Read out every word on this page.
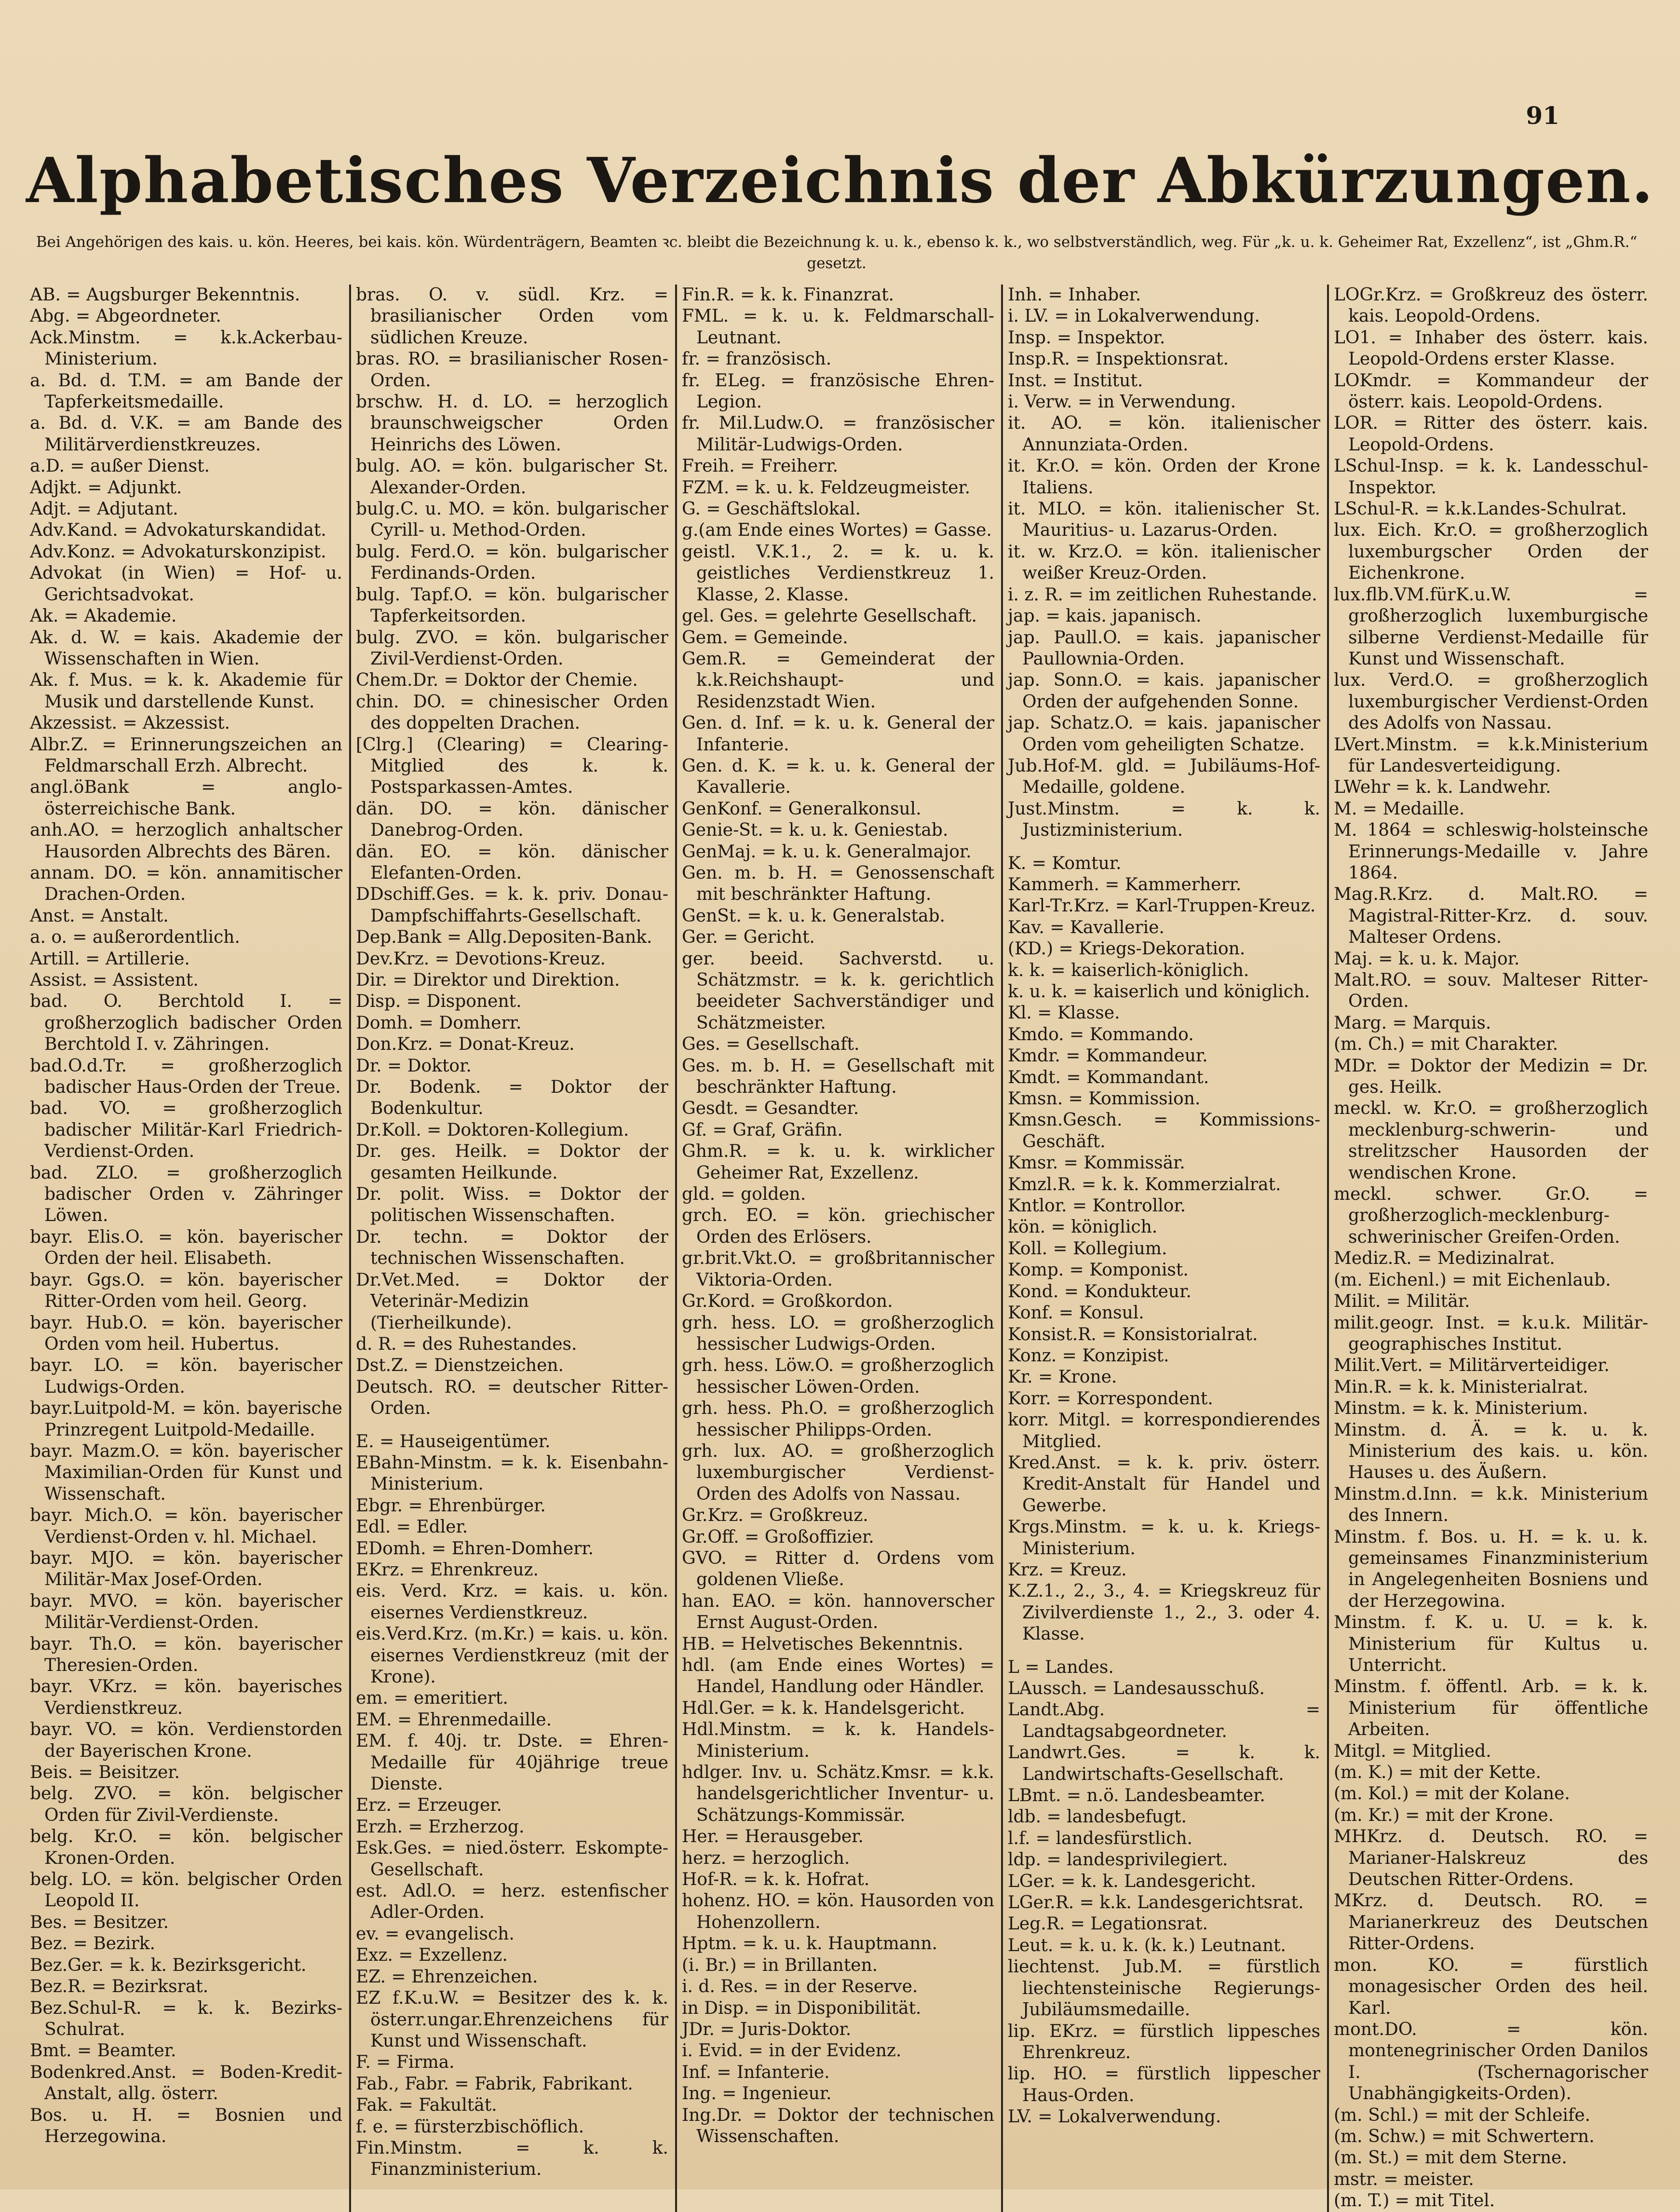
91
Alphabetisches Verzeichnis der Abkürzungen.
Bei Angehörigen des kais. u. kön. Heeres, bei kais. kön. Würdenträgern, Beamten ꝛc. bleibt die Bezeichnung k. u. k., ebenso k. k., wo selbstverständlich, weg. Für „k. u. k. Geheimer Rat, Exzellenz“, ist „Ghm.R.“ gesetzt.
AB. = Augsburger Bekenntnis.
Abg. = Abgeordneter.
Ack.Minstm. = k.k.Ackerbau-Ministerium.
a. Bd. d. T.M. = am Bande der Tapferkeitsmedaille.
a. Bd. d. V.K. = am Bande des Militärverdienstkreuzes.
a.D. = außer Dienst.
Adjkt. = Adjunkt.
Adjt. = Adjutant.
Adv.Kand. = Advokaturskandidat.
Adv.Konz. = Advokaturskonzipist.
Advokat (in Wien) = Hof- u. Gerichtsadvokat.
Ak. = Akademie.
Ak. d. W. = kais. Akademie der Wissenschaften in Wien.
Ak. f. Mus. = k. k. Akademie für Musik und darstellende Kunst.
Akzessist. = Akzessist.
Albr.Z. = Erinnerungszeichen an Feldmarschall Erzh. Albrecht.
angl.öBank = anglo-österreichische Bank.
anh.AO. = herzoglich anhaltscher Hausorden Albrechts des Bären.
annam. DO. = kön. annamitischer Drachen-Orden.
Anst. = Anstalt.
a. o. = außerordentlich.
Artill. = Artillerie.
Assist. = Assistent.
bad. O. Berchtold I. = großherzoglich badischer Orden Berchtold I. v. Zähringen.
bad.O.d.Tr. = großherzoglich badischer Haus-Orden der Treue.
bad. VO. = großherzoglich badischer Militär-Karl Friedrich-Verdienst-Orden.
bad. ZLO. = großherzoglich badischer Orden v. Zähringer Löwen.
bayr. Elis.O. = kön. bayerischer Orden der heil. Elisabeth.
bayr. Ggs.O. = kön. bayerischer Ritter-Orden vom heil. Georg.
bayr. Hub.O. = kön. bayerischer Orden vom heil. Hubertus.
bayr. LO. = kön. bayerischer Ludwigs-Orden.
bayr.Luitpold-M. = kön. bayerische Prinzregent Luitpold-Medaille.
bayr. Mazm.O. = kön. bayerischer Maximilian-Orden für Kunst und Wissenschaft.
bayr. Mich.O. = kön. bayerischer Verdienst-Orden v. hl. Michael.
bayr. MJO. = kön. bayerischer Militär-Max Josef-Orden.
bayr. MVO. = kön. bayerischer Militär-Verdienst-Orden.
bayr. Th.O. = kön. bayerischer Theresien-Orden.
bayr. VKrz. = kön. bayerisches Verdienstkreuz.
bayr. VO. = kön. Verdienstorden der Bayerischen Krone.
Beis. = Beisitzer.
belg. ZVO. = kön. belgischer Orden für Zivil-Verdienste.
belg. Kr.O. = kön. belgischer Kronen-Orden.
belg. LO. = kön. belgischer Orden Leopold II.
Bes. = Besitzer.
Bez. = Bezirk.
Bez.Ger. = k. k. Bezirksgericht.
Bez.R. = Bezirksrat.
Bez.Schul-R. = k. k. Bezirks-Schulrat.
Bmt. = Beamter.
Bodenkred.Anst. = Boden-Kredit-Anstalt, allg. österr.
Bos. u. H. = Bosnien und Herzegowina.
bras. O. v. südl. Krz. = brasilianischer Orden vom südlichen Kreuze.
bras. RO. = brasilianischer Rosen-Orden.
brschw. H. d. LO. = herzoglich braunschweigscher Orden Heinrichs des Löwen.
bulg. AO. = kön. bulgarischer St. Alexander-Orden.
bulg.C. u. MO. = kön. bulgarischer Cyrill- u. Method-Orden.
bulg. Ferd.O. = kön. bulgarischer Ferdinands-Orden.
bulg. Tapf.O. = kön. bulgarischer Tapferkeitsorden.
bulg. ZVO. = kön. bulgarischer Zivil-Verdienst-Orden.
Chem.Dr. = Doktor der Chemie.
chin. DO. = chinesischer Orden des doppelten Drachen.
[Clrg.] (Clearing) = Clearing-Mitglied des k. k. Postsparkassen-Amtes.
dän. DO. = kön. dänischer Danebrog-Orden.
dän. EO. = kön. dänischer Elefanten-Orden.
DDschiff.Ges. = k. k. priv. Donau-Dampfschiffahrts-Gesellschaft.
Dep.Bank = Allg.Depositen-Bank.
Dev.Krz. = Devotions-Kreuz.
Dir. = Direktor und Direktion.
Disp. = Disponent.
Domh. = Domherr.
Don.Krz. = Donat-Kreuz.
Dr. = Doktor.
Dr. Bodenk. = Doktor der Bodenkultur.
Dr.Koll. = Doktoren-Kollegium.
Dr. ges. Heilk. = Doktor der gesamten Heilkunde.
Dr. polit. Wiss. = Doktor der politischen Wissenschaften.
Dr. techn. = Doktor der technischen Wissenschaften.
Dr.Vet.Med. = Doktor der Veterinär-Medizin (Tierheilkunde).
d. R. = des Ruhestandes.
Dst.Z. = Dienstzeichen.
Deutsch. RO. = deutscher Ritter-Orden.
E. = Hauseigentümer.
EBahn-Minstm. = k. k. Eisenbahn-Ministerium.
Ebgr. = Ehrenbürger.
Edl. = Edler.
EDomh. = Ehren-Domherr.
EKrz. = Ehrenkreuz.
eis. Verd. Krz. = kais. u. kön. eisernes Verdienstkreuz.
eis.Verd.Krz. (m.Kr.) = kais. u. kön. eisernes Verdienstkreuz (mit der Krone).
em. = emeritiert.
EM. = Ehrenmedaille.
EM. f. 40j. tr. Dste. = Ehren-Medaille für 40jährige treue Dienste.
Erz. = Erzeuger.
Erzh. = Erzherzog.
Esk.Ges. = nied.österr. Eskompte-Gesellschaft.
est. Adl.O. = herz. estenfischer Adler-Orden.
ev. = evangelisch.
Exz. = Exzellenz.
EZ. = Ehrenzeichen.
EZ f.K.u.W. = Besitzer des k. k. österr.ungar.Ehrenzeichens für Kunst und Wissenschaft.
F. = Firma.
Fab., Fabr. = Fabrik, Fabrikant.
Fak. = Fakultät.
f. e. = fürsterzbischöflich.
Fin.Minstm. = k. k. Finanzministerium.
Fin.R. = k. k. Finanzrat.
FML. = k. u. k. Feldmarschall-Leutnant.
fr. = französisch.
fr. ELeg. = französische Ehren-Legion.
fr. Mil.Ludw.O. = französischer Militär-Ludwigs-Orden.
Freih. = Freiherr.
FZM. = k. u. k. Feldzeugmeister.
G. = Geschäftslokal.
g.(am Ende eines Wortes) = Gasse.
geistl. V.K.1., 2. = k. u. k. geistliches Verdienstkreuz 1. Klasse, 2. Klasse.
gel. Ges. = gelehrte Gesellschaft.
Gem. = Gemeinde.
Gem.R. = Gemeinderat der k.k.Reichshaupt- und Residenzstadt Wien.
Gen. d. Inf. = k. u. k. General der Infanterie.
Gen. d. K. = k. u. k. General der Kavallerie.
GenKonf. = Generalkonsul.
Genie-St. = k. u. k. Geniestab.
GenMaj. = k. u. k. Generalmajor.
Gen. m. b. H. = Genossenschaft mit beschränkter Haftung.
GenSt. = k. u. k. Generalstab.
Ger. = Gericht.
ger. beeid. Sachverstd. u. Schätzmstr. = k. k. gerichtlich beeideter Sachverständiger und Schätzmeister.
Ges. = Gesellschaft.
Ges. m. b. H. = Gesellschaft mit beschränkter Haftung.
Gesdt. = Gesandter.
Gf. = Graf, Gräfin.
Ghm.R. = k. u. k. wirklicher Geheimer Rat, Exzellenz.
gld. = golden.
grch. EO. = kön. griechischer Orden des Erlösers.
gr.brit.Vkt.O. = großbritannischer Viktoria-Orden.
Gr.Kord. = Großkordon.
grh. hess. LO. = großherzoglich hessischer Ludwigs-Orden.
grh. hess. Löw.O. = großherzoglich hessischer Löwen-Orden.
grh. hess. Ph.O. = großherzoglich hessischer Philipps-Orden.
grh. lux. AO. = großherzoglich luxemburgischer Verdienst-Orden des Adolfs von Nassau.
Gr.Krz. = Großkreuz.
Gr.Off. = Großoffizier.
GVO. = Ritter d. Ordens vom goldenen Vließe.
han. EAO. = kön. hannoverscher Ernst August-Orden.
HB. = Helvetisches Bekenntnis.
hdl. (am Ende eines Wortes) = Handel, Handlung oder Händler.
Hdl.Ger. = k. k. Handelsgericht.
Hdl.Minstm. = k. k. Handels-Ministerium.
hdlger. Inv. u. Schätz.Kmsr. = k.k. handelsgerichtlicher Inventur- u. Schätzungs-Kommissär.
Her. = Herausgeber.
herz. = herzoglich.
Hof-R. = k. k. Hofrat.
hohenz. HO. = kön. Hausorden von Hohenzollern.
Hptm. = k. u. k. Hauptmann.
(i. Br.) = in Brillanten.
i. d. Res. = in der Reserve.
in Disp. = in Disponibilität.
JDr. = Juris-Doktor.
i. Evid. = in der Evidenz.
Inf. = Infanterie.
Ing. = Ingenieur.
Ing.Dr. = Doktor der technischen Wissenschaften.
Inh. = Inhaber.
i. LV. = in Lokalverwendung.
Insp. = Inspektor.
Insp.R. = Inspektionsrat.
Inst. = Institut.
i. Verw. = in Verwendung.
it. AO. = kön. italienischer Annunziata-Orden.
it. Kr.O. = kön. Orden der Krone Italiens.
it. MLO. = kön. italienischer St. Mauritius- u. Lazarus-Orden.
it. w. Krz.O. = kön. italienischer weißer Kreuz-Orden.
i. z. R. = im zeitlichen Ruhestande.
jap. = kais. japanisch.
jap. Paull.O. = kais. japanischer Paullownia-Orden.
jap. Sonn.O. = kais. japanischer Orden der aufgehenden Sonne.
jap. Schatz.O. = kais. japanischer Orden vom geheiligten Schatze.
Jub.Hof-M. gld. = Jubiläums-Hof-Medaille, goldene.
Just.Minstm. = k. k. Justizministerium.
K. = Komtur.
Kammerh. = Kammerherr.
Karl-Tr.Krz. = Karl-Truppen-Kreuz.
Kav. = Kavallerie.
(KD.) = Kriegs-Dekoration.
k. k. = kaiserlich-königlich.
k. u. k. = kaiserlich und königlich.
Kl. = Klasse.
Kmdo. = Kommando.
Kmdr. = Kommandeur.
Kmdt. = Kommandant.
Kmsn. = Kommission.
Kmsn.Gesch. = Kommissions-Geschäft.
Kmsr. = Kommissär.
Kmzl.R. = k. k. Kommerzialrat.
Kntlor. = Kontrollor.
kön. = königlich.
Koll. = Kollegium.
Komp. = Komponist.
Kond. = Kondukteur.
Konf. = Konsul.
Konsist.R. = Konsistorialrat.
Konz. = Konzipist.
Kr. = Krone.
Korr. = Korrespondent.
korr. Mitgl. = korrespondierendes Mitglied.
Kred.Anst. = k. k. priv. österr. Kredit-Anstalt für Handel und Gewerbe.
Krgs.Minstm. = k. u. k. Kriegs-Ministerium.
Krz. = Kreuz.
K.Z.1., 2., 3., 4. = Kriegskreuz für Zivilverdienste 1., 2., 3. oder 4. Klasse.
L = Landes.
LAussch. = Landesausschuß.
Landt.Abg. = Landtagsabgeordneter.
Landwrt.Ges. = k. k. Landwirtschafts-Gesellschaft.
LBmt. = n.ö. Landesbeamter.
ldb. = landesbefugt.
l.f. = landesfürstlich.
ldp. = landesprivilegiert.
LGer. = k. k. Landesgericht.
LGer.R. = k.k. Landesgerichtsrat.
Leg.R. = Legationsrat.
Leut. = k. u. k. (k. k.) Leutnant.
liechtenst. Jub.M. = fürstlich liechtensteinische Regierungs-Jubiläumsmedaille.
lip. EKrz. = fürstlich lippesches Ehrenkreuz.
lip. HO. = fürstlich lippescher Haus-Orden.
LV. = Lokalverwendung.
LOGr.Krz. = Großkreuz des österr. kais. Leopold-Ordens.
LO1. = Inhaber des österr. kais. Leopold-Ordens erster Klasse.
LOKmdr. = Kommandeur der österr. kais. Leopold-Ordens.
LOR. = Ritter des österr. kais. Leopold-Ordens.
LSchul-Insp. = k. k. Landesschul-Inspektor.
LSchul-R. = k.k.Landes-Schulrat.
lux. Eich. Kr.O. = großherzoglich luxemburgscher Orden der Eichenkrone.
lux.flb.VM.fürK.u.W. = großherzoglich luxemburgische silberne Verdienst-Medaille für Kunst und Wissenschaft.
lux. Verd.O. = großherzoglich luxemburgischer Verdienst-Orden des Adolfs von Nassau.
LVert.Minstm. = k.k.Ministerium für Landesverteidigung.
LWehr = k. k. Landwehr.
M. = Medaille.
M. 1864 = schleswig-holsteinsche Erinnerungs-Medaille v. Jahre 1864.
Mag.R.Krz. d. Malt.RO. = Magistral-Ritter-Krz. d. souv. Malteser Ordens.
Maj. = k. u. k. Major.
Malt.RO. = souv. Malteser Ritter-Orden.
Marg. = Marquis.
(m. Ch.) = mit Charakter.
MDr. = Doktor der Medizin = Dr. ges. Heilk.
meckl. w. Kr.O. = großherzoglich mecklenburg-schwerin- und strelitzscher Hausorden der wendischen Krone.
meckl. schwer. Gr.O. = großherzoglich-mecklenburg-schwerinischer Greifen-Orden.
Mediz.R. = Medizinalrat.
(m. Eichenl.) = mit Eichenlaub.
Milit. = Militär.
milit.geogr. Inst. = k.u.k. Militär-geographisches Institut.
Milit.Vert. = Militärverteidiger.
Min.R. = k. k. Ministerialrat.
Minstm. = k. k. Ministerium.
Minstm. d. Ä. = k. u. k. Ministerium des kais. u. kön. Hauses u. des Äußern.
Minstm.d.Inn. = k.k. Ministerium des Innern.
Minstm. f. Bos. u. H. = k. u. k. gemeinsames Finanzministerium in Angelegenheiten Bosniens und der Herzegowina.
Minstm. f. K. u. U. = k. k. Ministerium für Kultus u. Unterricht.
Minstm. f. öffentl. Arb. = k. k. Ministerium für öffentliche Arbeiten.
Mitgl. = Mitglied.
(m. K.) = mit der Kette.
(m. Kol.) = mit der Kolane.
(m. Kr.) = mit der Krone.
MHKrz. d. Deutsch. RO. = Marianer-Halskreuz des Deutschen Ritter-Ordens.
MKrz. d. Deutsch. RO. = Marianerkreuz des Deutschen Ritter-Ordens.
mon. KO. = fürstlich monagesischer Orden des heil. Karl.
mont.DO. = kön. montenegrinischer Orden Danilos I. (Tschernagorischer Unabhängigkeits-Orden).
(m. Schl.) = mit der Schleife.
(m. Schw.) = mit Schwertern.
(m. St.) = mit dem Sterne.
mstr. = meister.
(m. T.) = mit Titel.
